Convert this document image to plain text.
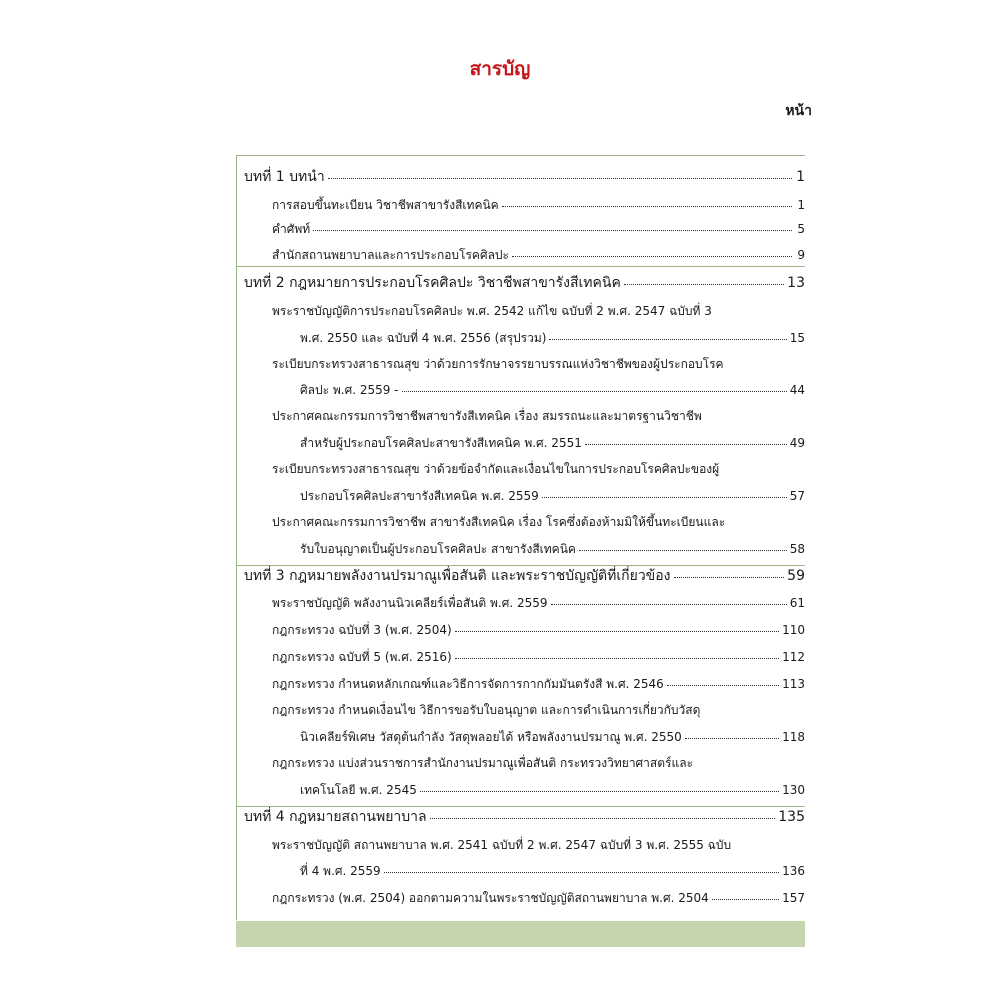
สารบัญ
หน้า
บทที่ 1 บทนำ	1
การสอบขึ้นทะเบียน วิชาชีพสาขารังสีเทคนิค	1
คำศัพท์	5
สำนักสถานพยาบาลและการประกอบโรคศิลปะ	9
บทที่ 2 กฎหมายการประกอบโรคศิลปะ วิชาชีพสาขารังสีเทคนิค	13
พระราชบัญญัติการประกอบโรคศิลปะ พ.ศ. 2542 แก้ไข ฉบับที่ 2 พ.ศ. 2547 ฉบับที่ 3
พ.ศ. 2550 และ ฉบับที่ 4 พ.ศ. 2556 (สรุปรวม)	15
ระเบียบกระทรวงสาธารณสุข ว่าด้วยการรักษาจรรยาบรรณแห่งวิชาชีพของผู้ประกอบโรค
ศิลปะ พ.ศ. 2559 -	44
ประกาศคณะกรรมการวิชาชีพสาขารังสีเทคนิค เรื่อง สมรรถนะและมาตรฐานวิชาชีพ
สำหรับผู้ประกอบโรคศิลปะสาขารังสีเทคนิค พ.ศ. 2551	49
ระเบียบกระทรวงสาธารณสุข ว่าด้วยข้อจำกัดและเงื่อนไขในการประกอบโรคศิลปะของผู้
ประกอบโรคศิลปะสาขารังสีเทคนิค พ.ศ. 2559	57
ประกาศคณะกรรมการวิชาชีพ สาขารังสีเทคนิค เรื่อง โรคซึ่งต้องห้ามมิให้ขึ้นทะเบียนและ
รับใบอนุญาตเป็นผู้ประกอบโรคศิลปะ สาขารังสีเทคนิค	58
บทที่ 3 กฎหมายพลังงานปรมาณูเพื่อสันติ และพระราชบัญญัติที่เกี่ยวข้อง	59
พระราชบัญญัติ พลังงานนิวเคลียร์เพื่อสันติ พ.ศ. 2559	61
กฎกระทรวง ฉบับที่ 3 (พ.ศ. 2504)	110
กฎกระทรวง ฉบับที่ 5 (พ.ศ. 2516)	112
กฎกระทรวง กำหนดหลักเกณฑ์และวิธีการจัดการกากกัมมันตรังสี พ.ศ. 2546	113
กฎกระทรวง กำหนดเงื่อนไข วิธีการขอรับใบอนุญาต และการดำเนินการเกี่ยวกับวัสดุ
นิวเคลียร์พิเศษ วัสดุต้นกำลัง วัสดุพลอยได้ หรือพลังงานปรมาณู พ.ศ. 2550	118
กฎกระทรวง แบ่งส่วนราชการสำนักงานปรมาณูเพื่อสันติ กระทรวงวิทยาศาสตร์และ
เทคโนโลยี พ.ศ. 2545	130
บทที่ 4 กฎหมายสถานพยาบาล	135
พระราชบัญญัติ สถานพยาบาล พ.ศ. 2541 ฉบับที่ 2 พ.ศ. 2547 ฉบับที่ 3 พ.ศ. 2555 ฉบับ
ที่ 4 พ.ศ. 2559	136
กฎกระทรวง (พ.ศ. 2504) ออกตามความในพระราชบัญญัติสถานพยาบาล พ.ศ. 2504	157
